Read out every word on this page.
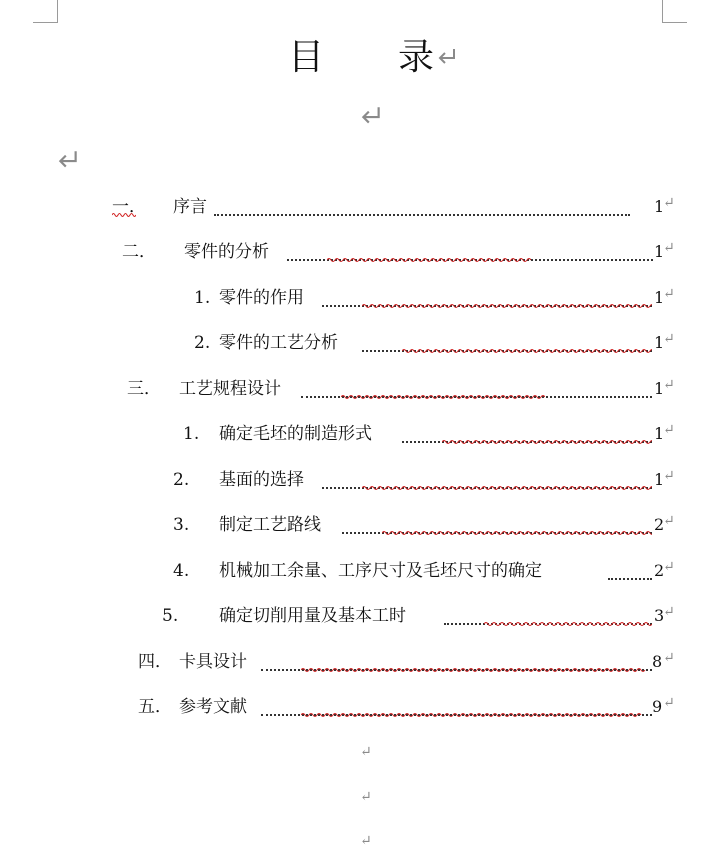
目 录
一． 序言	1
↵
二． 零件的分析	1
↵
1. 零件的作用	1
↵
2. 零件的工艺分析	1
↵
三． 工艺规程设计	1
↵
1. 确定毛坯的制造形式	1
↵
2. 基面的选择	1
↵
3. 制定工艺路线	2
↵
4. 机械加工余量、工序尺寸及毛坯尺寸的确定	2
↵
5. 确定切削用量及基本工时	3
↵
四． 卡具设计	8 ↵
五． 参考文献	9 ↵
↵
↵
↵
